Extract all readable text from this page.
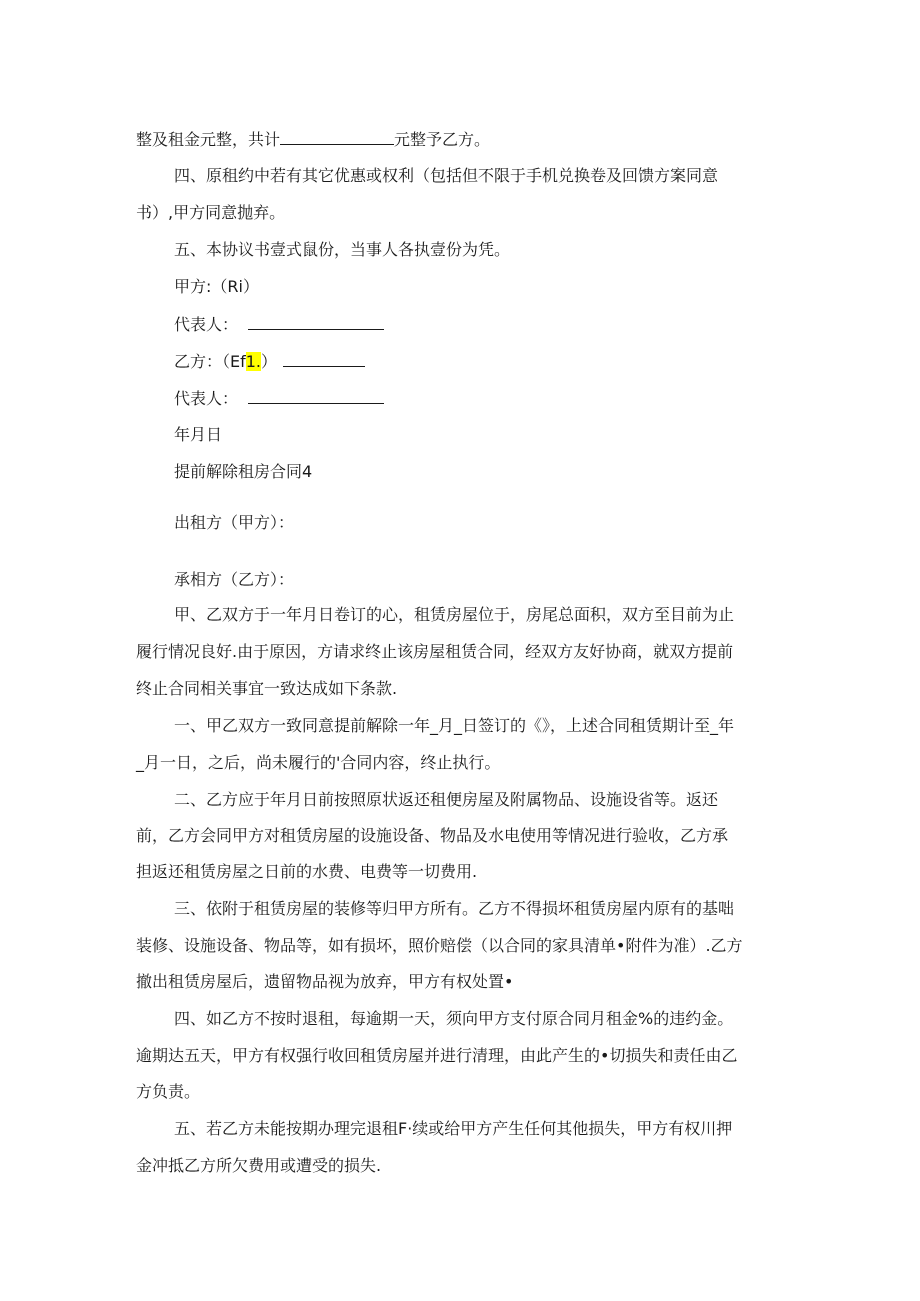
整及租金元整，共计	元整予乙方。
四、原租约中若有其它优惠或权利（包括但不限于手机兑换卷及回馈方案同意
书）,甲方同意抛弃。
五、本协议书壹式鼠份，当事人各执壹份为凭。
甲方:（Ri）
代表人：
乙方：（Ef1.）
代表人：
年月日
提前解除租房合同4
出租方（甲方）：
承相方（乙方）：
甲、乙双方于一年月日卷订的心，租赁房屋位于，房尾总面积，双方至目前为止
履行情况良好.由于原因，方请求终止该房屋租赁合同，经双方友好协商，就双方提前
终止合同相关事宜一致达成如下条款.
一、甲乙双方一致同意提前解除一年_月_日签订的《》，上述合同租赁期计至_年
_月一日，之后，尚未履行的'合同内容，终止执行。
二、乙方应于年月日前按照原状返还租便房屋及附属物品、设施设省等。返还
前，乙方会同甲方对租赁房屋的设施设备、物品及水电使用等情况进行验收，乙方承
担返还租赁房屋之日前的水费、电费等一切费用.
三、依附于租赁房屋的装修等归甲方所有。乙方不得损坏租赁房屋内原有的基咄
装修、设施设备、物品等，如有损坏，照价赔偿（以合同的家具清单•附件为准）.乙方
撤出租赁房屋后，遗留物品视为放弃，甲方有权处置•
四、如乙方不按时退租，每逾期一天，须向甲方支付原合同月租金%的违约金。
逾期达五天，甲方有权强行收回租赁房屋并进行清理，由此产生的•切损失和责任由乙
方负责。
五、若乙方未能按期办理完退租F·续或给甲方产生任何其他损失，甲方有权川押
金冲抵乙方所欠费用或遭受的损失.
